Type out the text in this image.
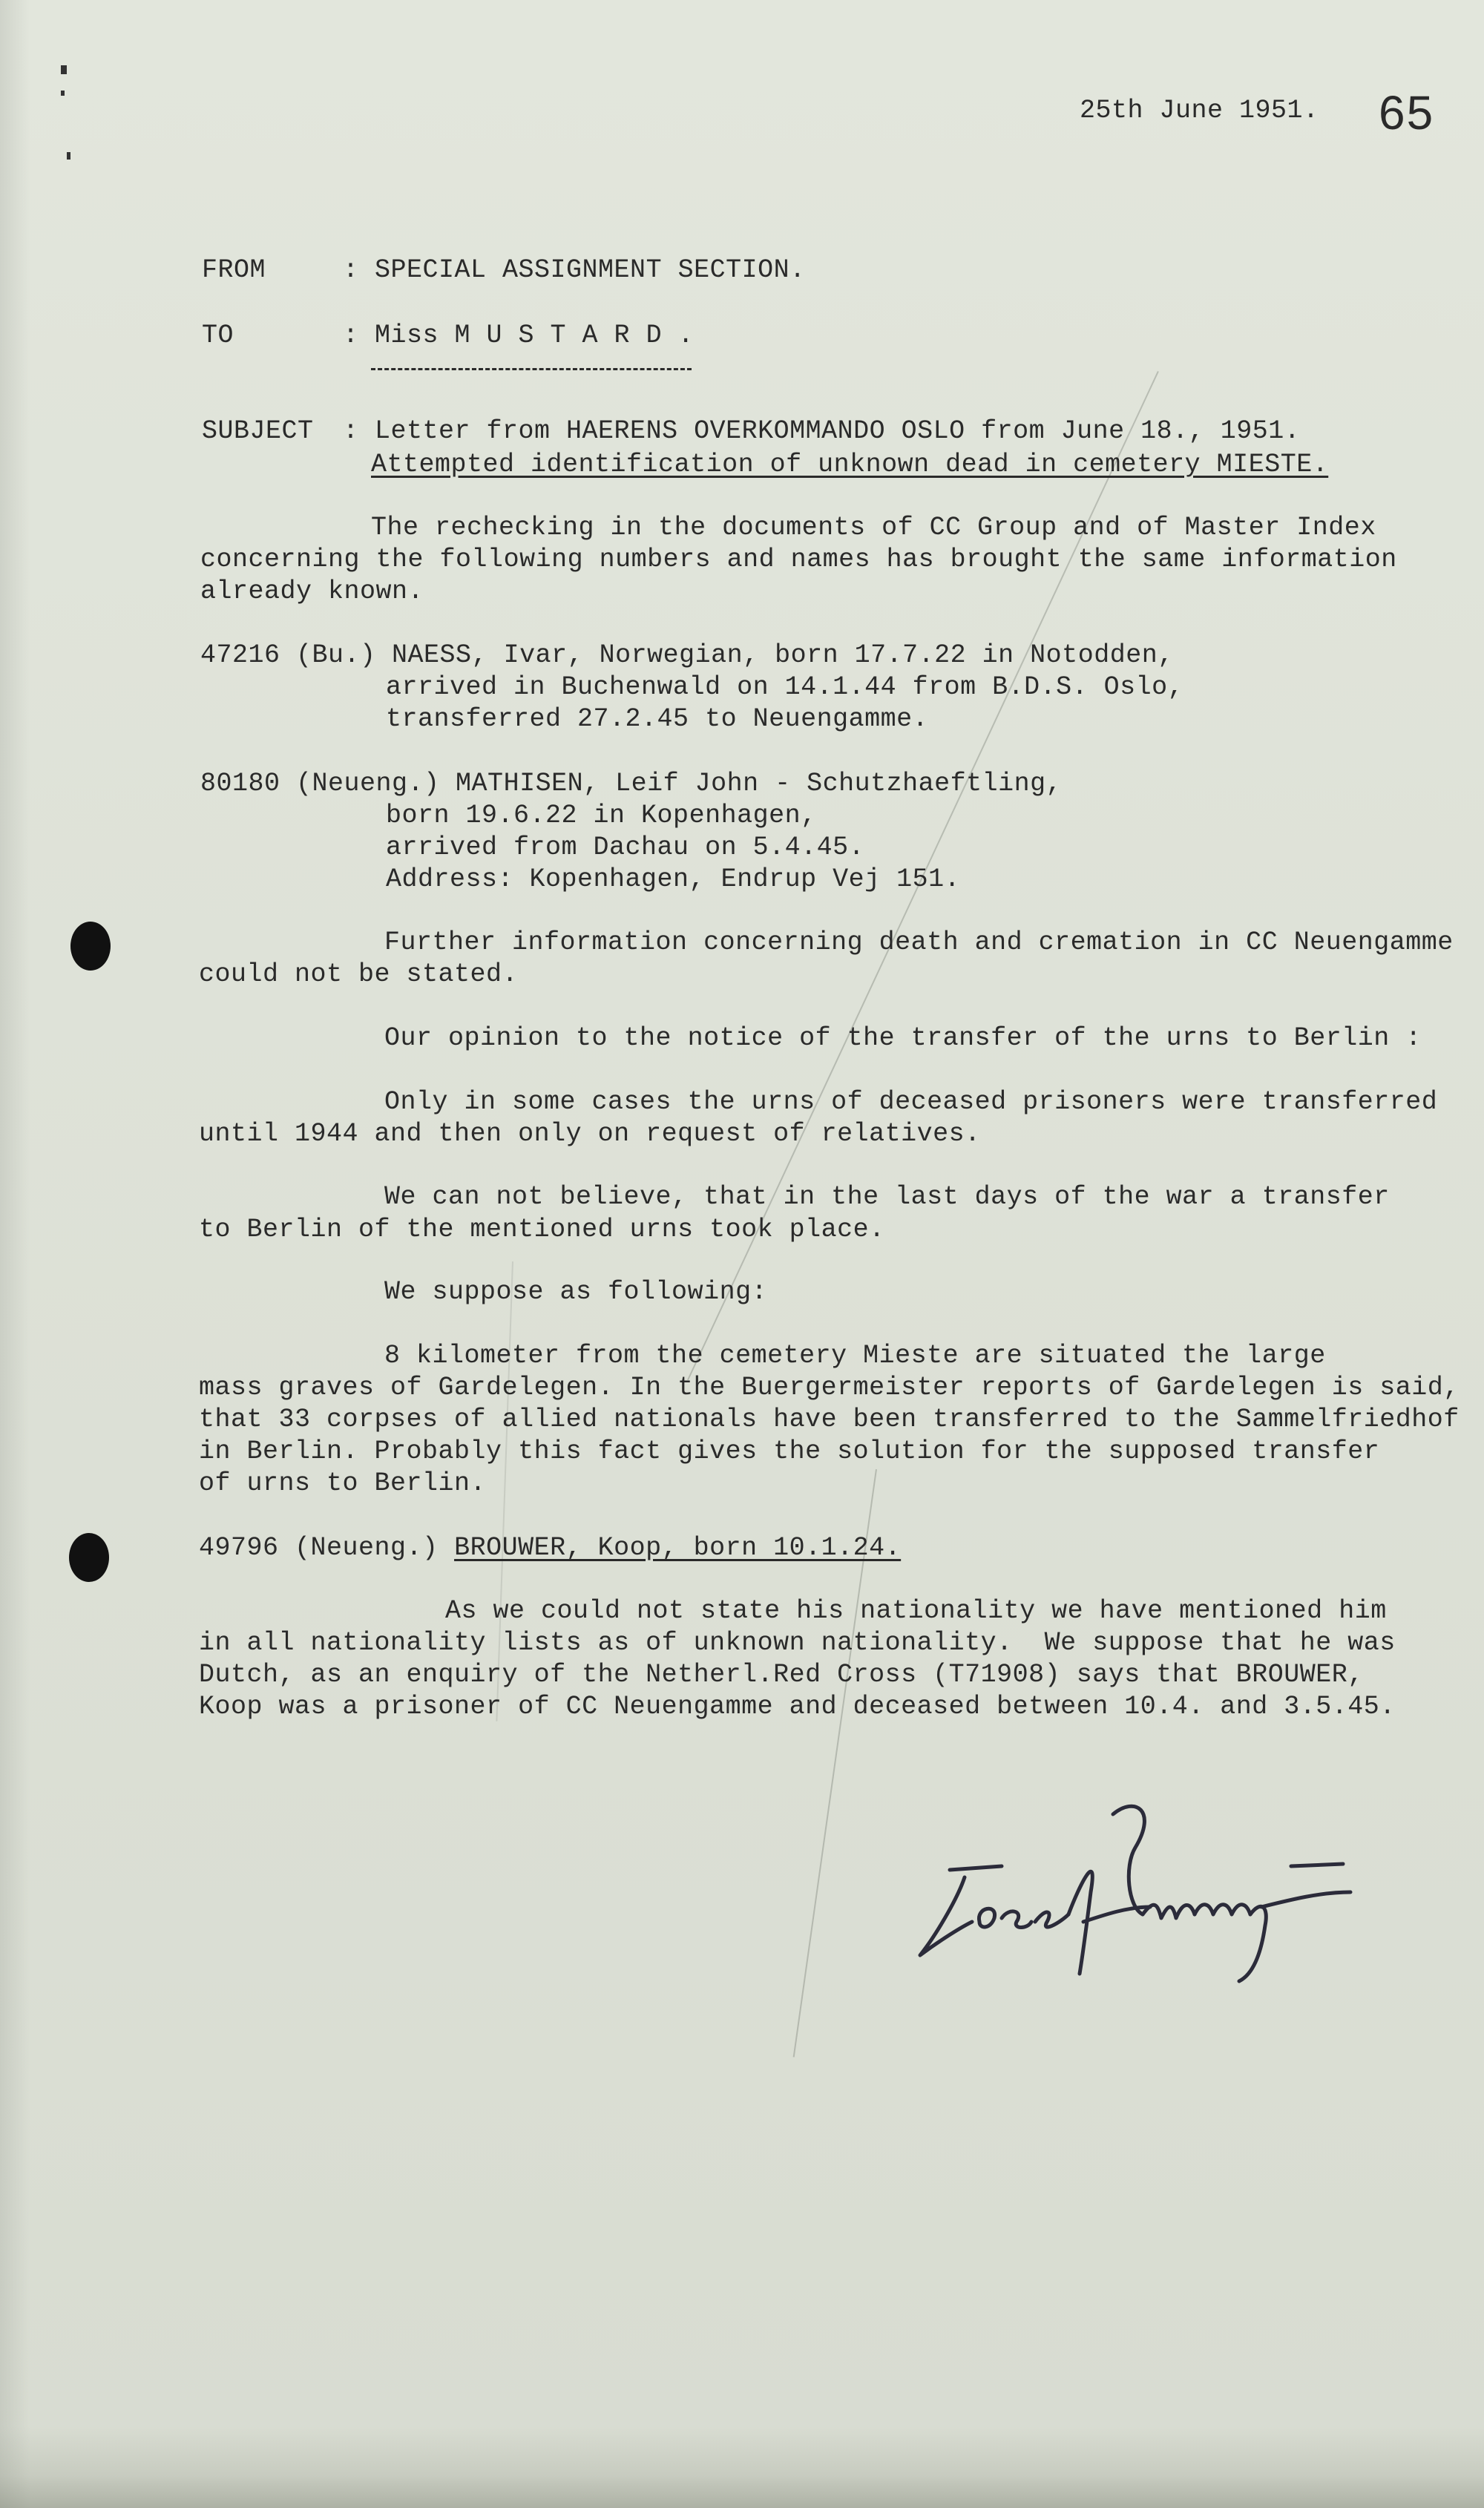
25th June 1951. 65
FROM	: SPECIAL ASSIGNMENT SECTION.
TO	: Miss M U S T A R D .
SUBJECT : Letter from HAERENS OVERKOMMANDO OSLO from June 18., 1951.
Attempted identification of unknown dead in cemetery MIESTE.
The rechecking in the documents of CC Group and of Master Index
concerning the following numbers and names has brought the same information
already known.
47216 (Bu.) NAESS, Ivar, Norwegian, born 17.7.22 in Notodden,
arrived in Buchenwald on 14.1.44 from B.D.S. Oslo,
transferred 27.2.45 to Neuengamme.
80180 (Neueng.) MATHISEN, Leif John - Schutzhaeftling,
born 19.6.22 in Kopenhagen,
arrived from Dachau on 5.4.45.
Address: Kopenhagen, Endrup Vej 151.
Further information concerning death and cremation in CC Neuengamme
could not be stated.
Our opinion to the notice of the transfer of the urns to Berlin :
Only in some cases the urns of deceased prisoners were transferred
until 1944 and then only on request of relatives.
We can not believe, that in the last days of the war a transfer
to Berlin of the mentioned urns took place.
We suppose as following:
8 kilometer from the cemetery Mieste are situated the large
mass graves of Gardelegen. In the Buergermeister reports of Gardelegen is said,
that 33 corpses of allied nationals have been transferred to the Sammelfriedhof
in Berlin. Probably this fact gives the solution for the supposed transfer
of urns to Berlin.
49796 (Neueng.) BROUWER, Koop, born 10.1.24.
As we could not state his nationality we have mentioned him
in all nationality lists as of unknown nationality.  We suppose that he was
Dutch, as an enquiry of the Netherl.Red Cross (T71908) says that BROUWER,
Koop was a prisoner of CC Neuengamme and deceased between 10.4. and 3.5.45.
